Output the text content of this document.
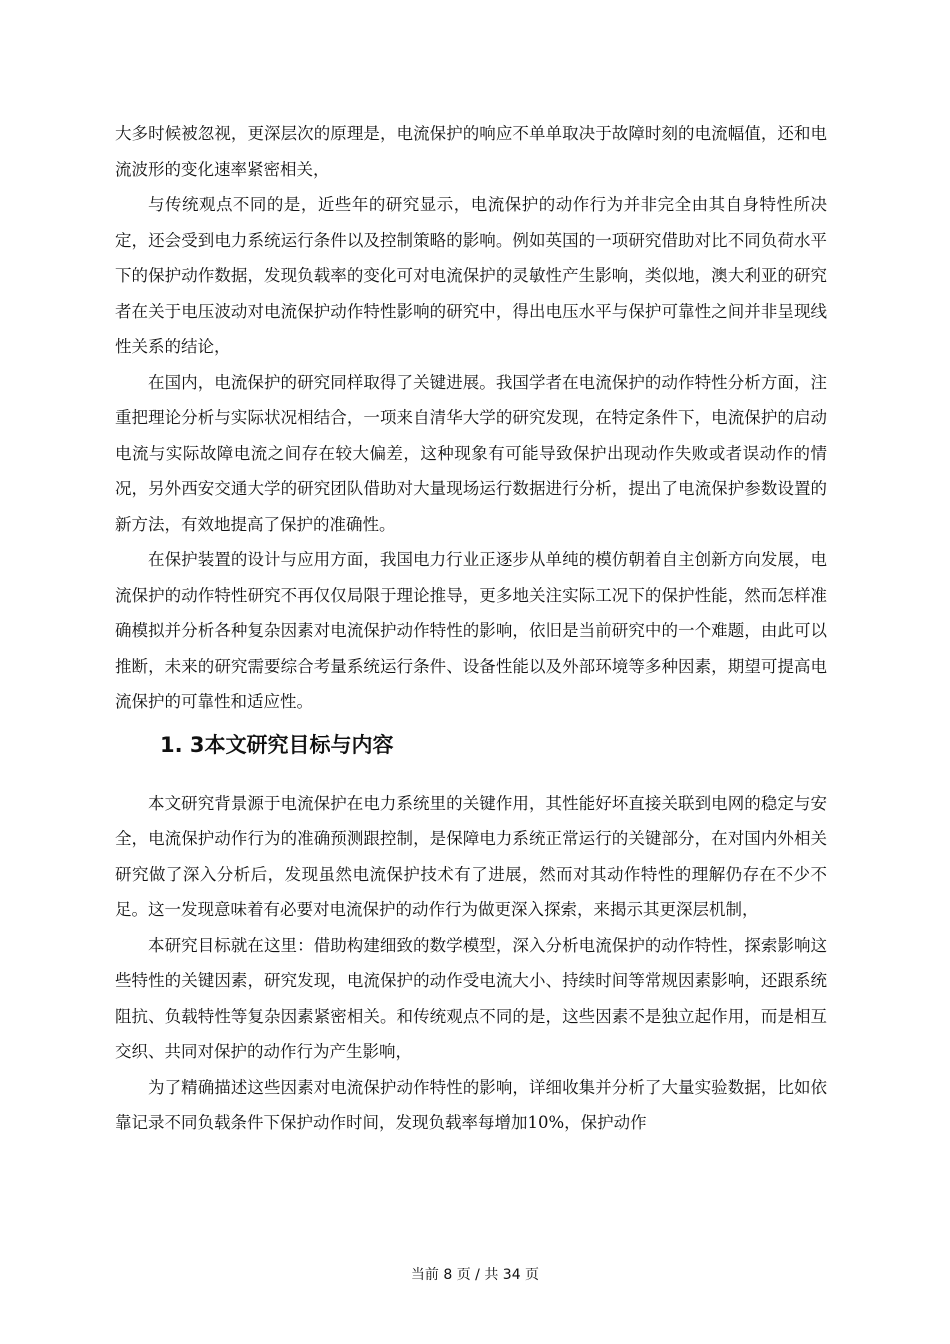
大多时候被忽视，更深层次的原理是，电流保护的响应不单单取决于故障时刻的电流幅值，还和电流波形的变化速率紧密相关，

与传统观点不同的是，近些年的研究显示，电流保护的动作行为并非完全由其自身特性所决定，还会受到电力系统运行条件以及控制策略的影响。例如英国的一项研究借助对比不同负荷水平下的保护动作数据，发现负载率的变化可对电流保护的灵敏性产生影响，类似地，澳大利亚的研究者在关于电压波动对电流保护动作特性影响的研究中，得出电压水平与保护可靠性之间并非呈现线性关系的结论，

在国内，电流保护的研究同样取得了关键进展。我国学者在电流保护的动作特性分析方面，注重把理论分析与实际状况相结合，一项来自清华大学的研究发现，在特定条件下，电流保护的启动电流与实际故障电流之间存在较大偏差，这种现象有可能导致保护出现动作失败或者误动作的情况，另外西安交通大学的研究团队借助对大量现场运行数据进行分析，提出了电流保护参数设置的新方法，有效地提高了保护的准确性。

在保护装置的设计与应用方面，我国电力行业正逐步从单纯的模仿朝着自主创新方向发展，电流保护的动作特性研究不再仅仅局限于理论推导，更多地关注实际工况下的保护性能，然而怎样准确模拟并分析各种复杂因素对电流保护动作特性的影响，依旧是当前研究中的一个难题，由此可以推断，未来的研究需要综合考量系统运行条件、设备性能以及外部环境等多种因素，期望可提高电流保护的可靠性和适应性。

1. 3本文研究目标与内容

本文研究背景源于电流保护在电力系统里的关键作用，其性能好坏直接关联到电网的稳定与安全，电流保护动作行为的准确预测跟控制，是保障电力系统正常运行的关键部分，在对国内外相关研究做了深入分析后，发现虽然电流保护技术有了进展，然而对其动作特性的理解仍存在不少不足。这一发现意味着有必要对电流保护的动作行为做更深入探索，来揭示其更深层机制，

本研究目标就在这里：借助构建细致的数学模型，深入分析电流保护的动作特性，探索影响这些特性的关键因素，研究发现，电流保护的动作受电流大小、持续时间等常规因素影响，还跟系统阻抗、负载特性等复杂因素紧密相关。和传统观点不同的是，这些因素不是独立起作用，而是相互交织、共同对保护的动作行为产生影响，

为了精确描述这些因素对电流保护动作特性的影响，详细收集并分析了大量实验数据，比如依靠记录不同负载条件下保护动作时间，发现负载率每增加10%，保护动作

当前 8 页 / 共 34 页
